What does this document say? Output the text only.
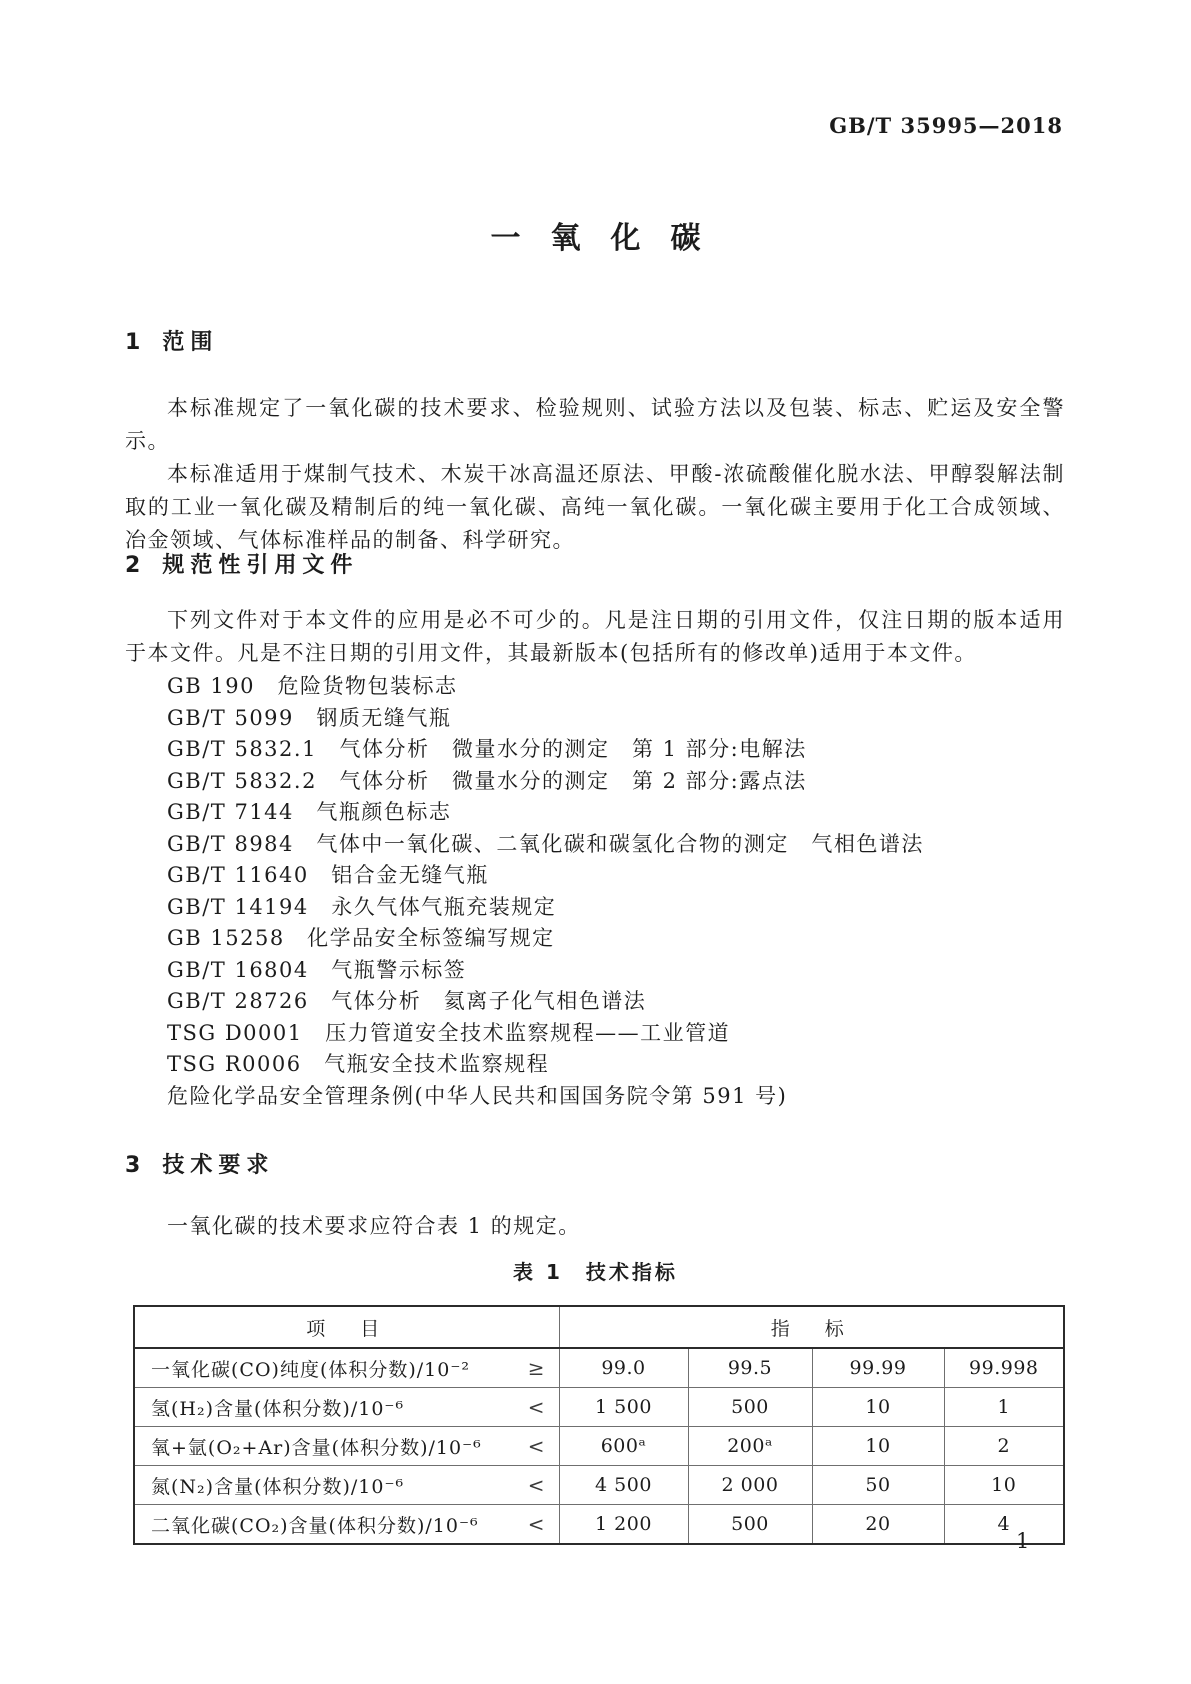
GB/T 35995—2018
一　氧　化　碳
1 范围

本标准规定了一氧化碳的技术要求、检验规则、试验方法以及包装、标志、贮运及安全警示。

本标准适用于煤制气技术、木炭干冰高温还原法、甲酸-浓硫酸催化脱水法、甲醇裂解法制取的工业一氧化碳及精制后的纯一氧化碳、高纯一氧化碳。一氧化碳主要用于化工合成领域、冶金领域、气体标准样品的制备、科学研究。

2 规范性引用文件

下列文件对于本文件的应用是必不可少的。凡是注日期的引用文件，仅注日期的版本适用于本文件。凡是不注日期的引用文件，其最新版本(包括所有的修改单)适用于本文件。

GB 190　危险货物包装标志
GB/T 5099　钢质无缝气瓶
GB/T 5832.1　气体分析　微量水分的测定　第 1 部分:电解法
GB/T 5832.2　气体分析　微量水分的测定　第 2 部分:露点法
GB/T 7144　气瓶颜色标志
GB/T 8984　气体中一氧化碳、二氧化碳和碳氢化合物的测定　气相色谱法
GB/T 11640　铝合金无缝气瓶
GB/T 14194　永久气体气瓶充装规定
GB 15258　化学品安全标签编写规定
GB/T 16804　气瓶警示标签
GB/T 28726　气体分析　氦离子化气相色谱法
TSG D0001　压力管道安全技术监察规程——工业管道
TSG R0006　气瓶安全技术监察规程
危险化学品安全管理条例(中华人民共和国国务院令第 591 号)
3 技术要求

一氧化碳的技术要求应符合表 1 的规定。

表 1　技术指标
项　目	指　标			

一氧化碳(CO)纯度(体积分数)/10⁻² ≥	99.0	99.5	99.99	99.998

氢(H₂)含量(体积分数)/10⁻⁶ <	1 500	500	10	1

氧+氩(O₂+Ar)含量(体积分数)/10⁻⁶ <	600ᵃ	200ᵃ	10	2

氮(N₂)含量(体积分数)/10⁻⁶ <	4 500	2 000	50	10

二氧化碳(CO₂)含量(体积分数)/10⁻⁶ <	1 200	500	20	4
1
